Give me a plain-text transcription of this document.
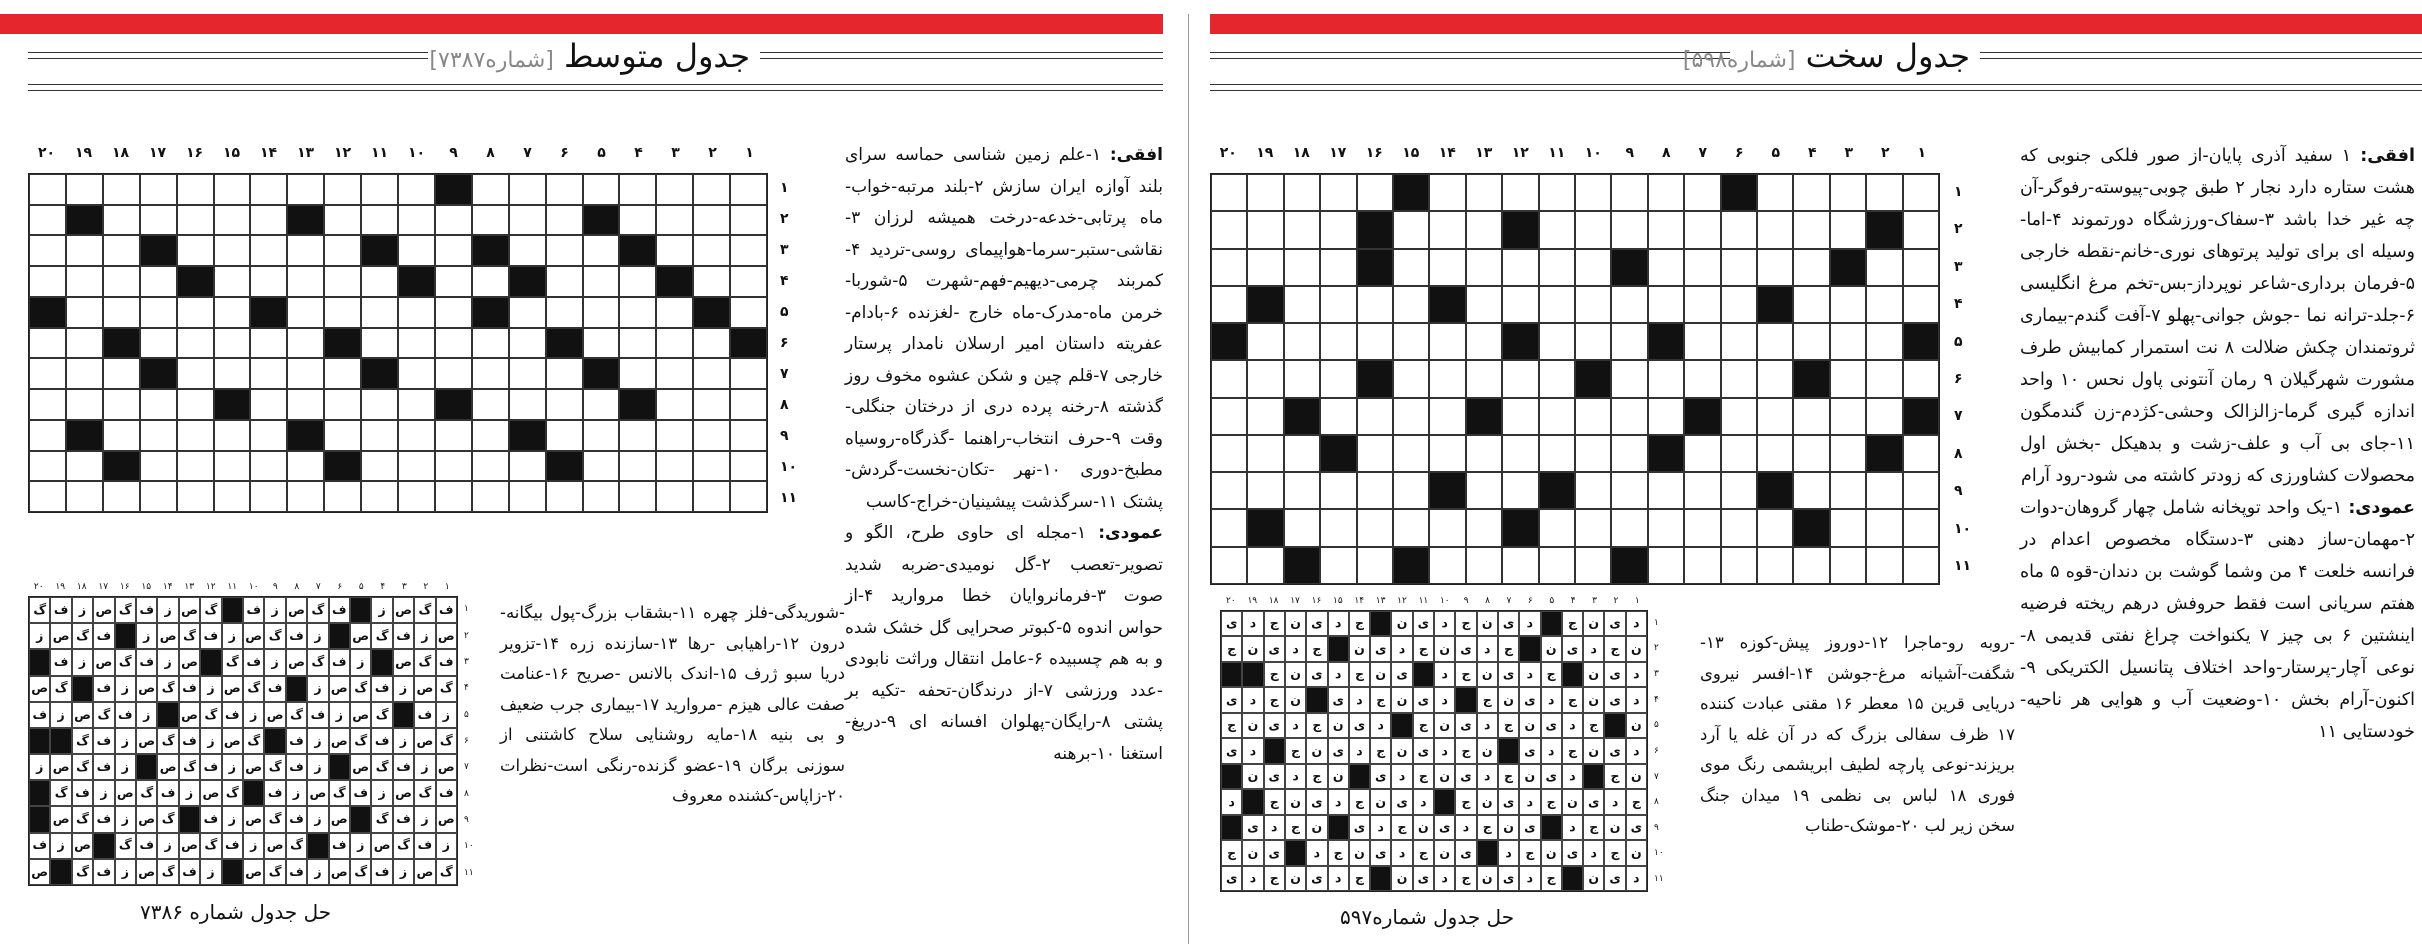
جدول سخت [شماره۵۹۸]
۱
۲
۳
۴
۵
۶
۷
۸
۹
۱۰
۱۱
۱۲
۱۳
۱۴
۱۵
۱۶
۱۷
۱۸
۱۹
۲۰
۱
۲
۳
۴
۵
۶
۷
۸
۹
۱۰
۱۱

افقی: ۱ سفید آذری پایان-از صور فلکی جنوبی که هشت ستاره دارد نجار ۲ طبق چوبی-پیوسته-رفوگر-آن چه غیر خدا باشد ۳-سفاک-ورزشگاه دورتموند ۴-اما-وسیله ای برای تولید پرتوهای نوری-خانم-نقطه خارجی ۵-فرمان برداری-شاعر نوپرداز-بس-تخم مرغ انگلیسی ۶-جلد-ترانه نما -جوش جوانی-پهلو ۷-آفت گندم-بیماری ثروتمندان چکش ضلالت ۸ نت استمرار کمابیش طرف مشورت شهرگیلان ۹ رمان آنتونی پاول نحس ۱۰ واحد اندازه گیری گرما-زالزالک وحشی-کژدم-زن گندمگون ۱۱-جای بی آب و علف-زشت و بدهیکل -بخش اول محصولات کشاورزی که زودتر کاشته می شود-رود آرام

عمودی: ۱-یک واحد توپخانه شامل چهار گروهان-دوات ۲-مهمان-ساز دهنی ۳-دستگاه مخصوص اعدام در فرانسه خلعت ۴ من وشما گوشت بن دندان-قوه ۵ ماه هفتم سریانی است فقط حروفش درهم ریخته فرضیه اینشتین ۶ بی چیز ۷ یکنواخت چراغ نفتی قدیمی ۸-نوعی آچار-پرستار-واحد اختلاف پتانسیل الکتریکی ۹-اکنون-آرام بخش ۱۰-وضعیت آب و هوایی هر ناحیه-خودستایی ۱۱

۱
۲
۳
۴
۵
۶
۷
۸
۹
۱۰
۱۱
۱۲
۱۳
۱۴
۱۵
۱۶
۱۷
۱۸
۱۹
۲۰
د
ی
ن
ج
د
ی
ن
ج
د
ی
ن
ج
د
ی
ن
ج
د
ی
ن
ج
د
ی
ن
ج
د
ی
ن
ج
د
ی
ن
ج
د
ی
ن
ج
د
ی
ن
ج
د
ی
ن
ج
د
ی
ن
ج
د
ی
ن
ج
د
ی
ن
ج
د
ی
ن
ج
د
ی
ن
ج
د
ی
ن
ج
د
ی
ن
ج
د
ی
ن
ج
د
ی
ن
ج
د
ی
ن
ج
د
ی
ن
ج
د
ی
ن
ج
د
ی
ن
ج
د
ی
ن
ج
د
ی
ن
ج
د
ی
ن
ج
د
ی
ن
ج
د
ی
ن
ج
د
ی
ن
ج
د
ی
ن
ج
د
ی
ن
ج
د
ی
ن
ج
د
ی
ن
ج
د
ی
ن
ج
د
ی
ن
ج
د
ی
ن
ج
د
ی
ن
ج
د
ی
ن
ج
د
ی
ن
ج
د
ی
ن
ج
د
ی
ن
ج
د
ی
ن
ج
د
ی
ن
ج
د
ی
ن
ج
د
ی
ن
ج
د
ی
ن
ج
د
ی
ن
ج
د
ی
۱
۲
۳
۴
۵
۶
۷
۸
۹
۱۰
۱۱
حل جدول شماره۵۹۷
-روبه رو-ماجرا ۱۲-دوروز پیش-کوزه ۱۳-شگفت-آشیانه مرغ-جوشن ۱۴-افسر نیروی دریایی قرین ۱۵ معطر ۱۶ مقنی عبادت کننده ۱۷ ظرف سفالی بزرگ که در آن غله یا آرد بریزند-نوعی پارچه لطیف ابریشمی رنگ موی فوری ۱۸ لباس بی نظمی ۱۹ میدان جنگ سخن زیر لب ۲۰-موشک-طناب
جدول متوسط [شماره۷۳۸۷]
۱
۲
۳
۴
۵
۶
۷
۸
۹
۱۰
۱۱
۱۲
۱۳
۱۴
۱۵
۱۶
۱۷
۱۸
۱۹
۲۰
۱
۲
۳
۴
۵
۶
۷
۸
۹
۱۰
۱۱

افقی: ۱-علم زمین شناسی حماسه سرای بلند آوازه ایران سازش ۲-بلند مرتبه-خواب-ماه پرتابی-خدعه-درخت همیشه لرزان ۳-نقاشی-ستبر-سرما-هواپیمای روسی-تردید ۴-کمربند چرمی-دیهیم-فهم-شهرت ۵-شوربا-خرمن ماه-مدرک-ماه خارج -لغزنده ۶-بادام-عفریته داستان امیر ارسلان نامدار پرستار خارجی ۷-قلم چین و شکن عشوه مخوف روز گذشته ۸-رخنه پرده دری از درختان جنگلی-وقت ۹-حرف انتخاب-راهنما -گذرگاه-روسیاه مطبخ-دوری ۱۰-نهر -تکان-نخست-گردش-پشتک ۱۱-سرگذشت پیشینیان-خراج-کاسب

عمودی: ۱-مجله ای حاوی طرح، الگو و تصویر-تعصب ۲-گل نومیدی-ضربه شدید صوت ۳-فرمانروایان خطا مروارید ۴-از حواس اندوه ۵-کبوتر صحرایی گل خشک شده و به هم چسبیده ۶-عامل انتقال وراثت نابودی -عدد ورزشی ۷-از درندگان-تحفه -تکیه بر پشتی ۸-رایگان-پهلوان افسانه ای ۹-دریغ-استغنا ۱۰-برهنه

۱
۲
۳
۴
۵
۶
۷
۸
۹
۱۰
۱۱
۱۲
۱۳
۱۴
۱۵
۱۶
۱۷
۱۸
۱۹
۲۰
ف
گ
ص
ز
ف
گ
ص
ز
ف
گ
ص
ز
ف
گ
ص
ز
ف
گ
ص
ز
ف
گ
ص
ز
ف
گ
ص
ز
ف
گ
ص
ز
ف
گ
ص
ز
ف
گ
ص
ز
ف
گ
ص
ز
ف
گ
ص
ز
ف
گ
ص
ز
ف
گ
ص
ز
ف
گ
ص
ز
ف
گ
ص
ز
ف
گ
ص
ز
ف
گ
ص
ز
ف
گ
ص
ز
ف
گ
ص
ز
ف
گ
ص
ز
ف
گ
ص
ز
ف
گ
ص
ز
ف
گ
ص
ز
ف
گ
ص
ز
ف
گ
ص
ز
ف
گ
ص
ز
ف
گ
ص
ز
ف
گ
ص
ز
ف
گ
ص
ز
ف
گ
ص
ز
ف
گ
ص
ز
ف
گ
ص
ز
ف
گ
ص
ز
ف
گ
ص
ز
ف
گ
ص
ز
ف
گ
ص
ز
ف
گ
ص
ز
ف
گ
ص
ز
ف
گ
ص
ز
ف
گ
ص
ز
ف
گ
ص
ز
ف
گ
ص
ز
ف
گ
ص
ز
ف
گ
ص
ز
ف
گ
ص
ز
ف
گ
ص
ز
ف
گ
ص
ز
ف
گ
ص
۱
۲
۳
۴
۵
۶
۷
۸
۹
۱۰
۱۱
حل جدول شماره ۷۳۸۶
-شوریدگی-فلز چهره ۱۱-بشقاب بزرگ-پول بیگانه-درون ۱۲-راهیابی -رها ۱۳-سازنده زره ۱۴-تزویر دریا سبو ژرف ۱۵-اندک بالانس -صریح ۱۶-عنامت صفت عالی هیزم -مروارید ۱۷-بیماری جرب ضعیف و بی بنیه ۱۸-مایه روشنایی سلاح کاشتنی از سوزنی برگان ۱۹-عضو گزنده-رنگی است-نظرات ۲۰-زاپاس-کشنده معروف
